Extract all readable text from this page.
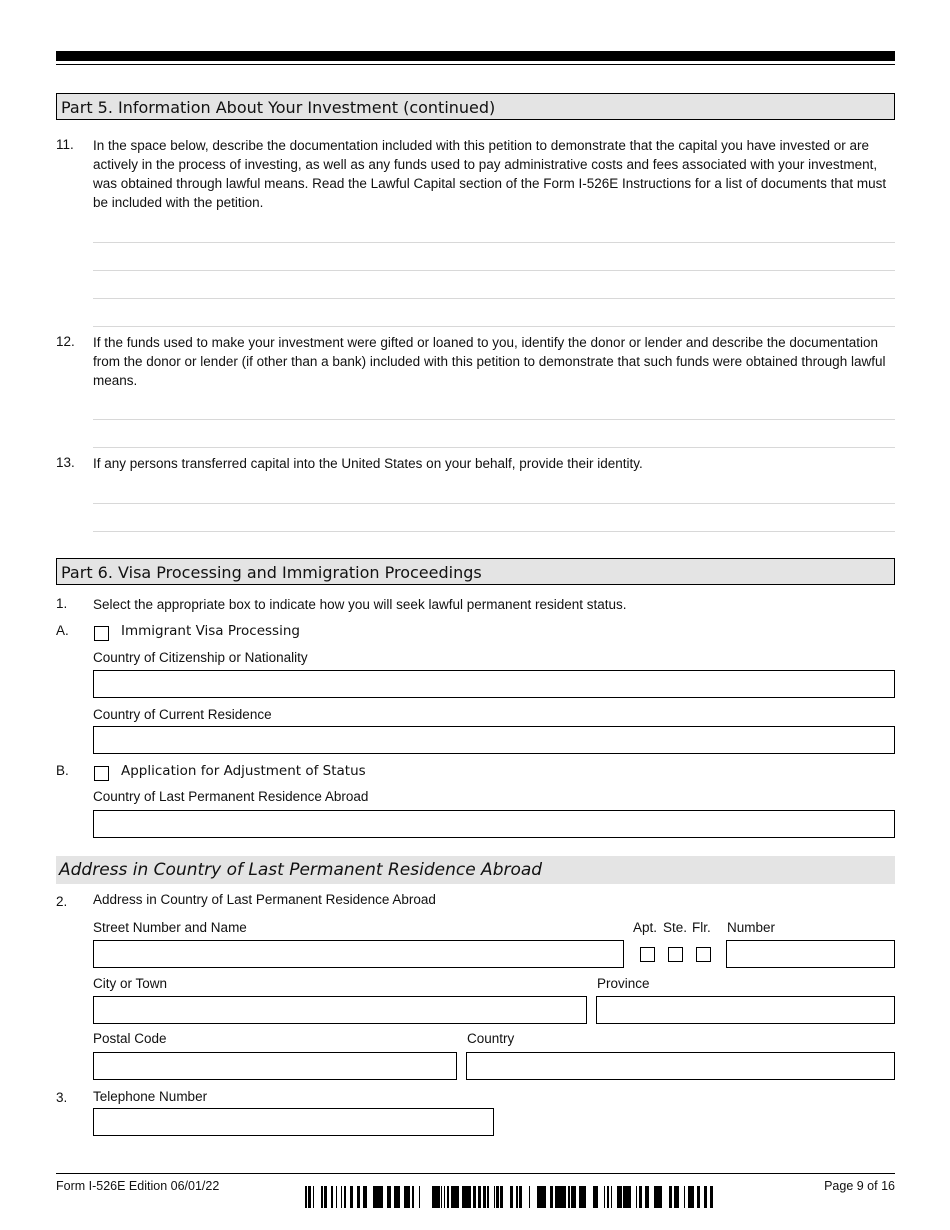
Part 5. Information About Your Investment (continued)
11. In the space below, describe the documentation included with this petition to demonstrate that the capital you have invested or are actively in the process of investing, as well as any funds used to pay administrative costs and fees associated with your investment, was obtained through lawful means. Read the Lawful Capital section of the Form I-526E Instructions for a list of documents that must be included with the petition.
12. If the funds used to make your investment were gifted or loaned to you, identify the donor or lender and describe the documentation from the donor or lender (if other than a bank) included with this petition to demonstrate that such funds were obtained through lawful means.
13. If any persons transferred capital into the United States on your behalf, provide their identity.
Part 6. Visa Processing and Immigration Proceedings
1. Select the appropriate box to indicate how you will seek lawful permanent resident status.
A.	Immigrant Visa Processing
Country of Citizenship or Nationality
Country of Current Residence
B.	Application for Adjustment of Status
Country of Last Permanent Residence Abroad
Address in Country of Last Permanent Residence Abroad
2. Address in Country of Last Permanent Residence Abroad
Street Number and Name	Apt. Ste. Flr. Number
City or Town	Province
Postal Code	Country
3. Telephone Number
Form I-526E Edition 06/01/22	Page 9 of 16
